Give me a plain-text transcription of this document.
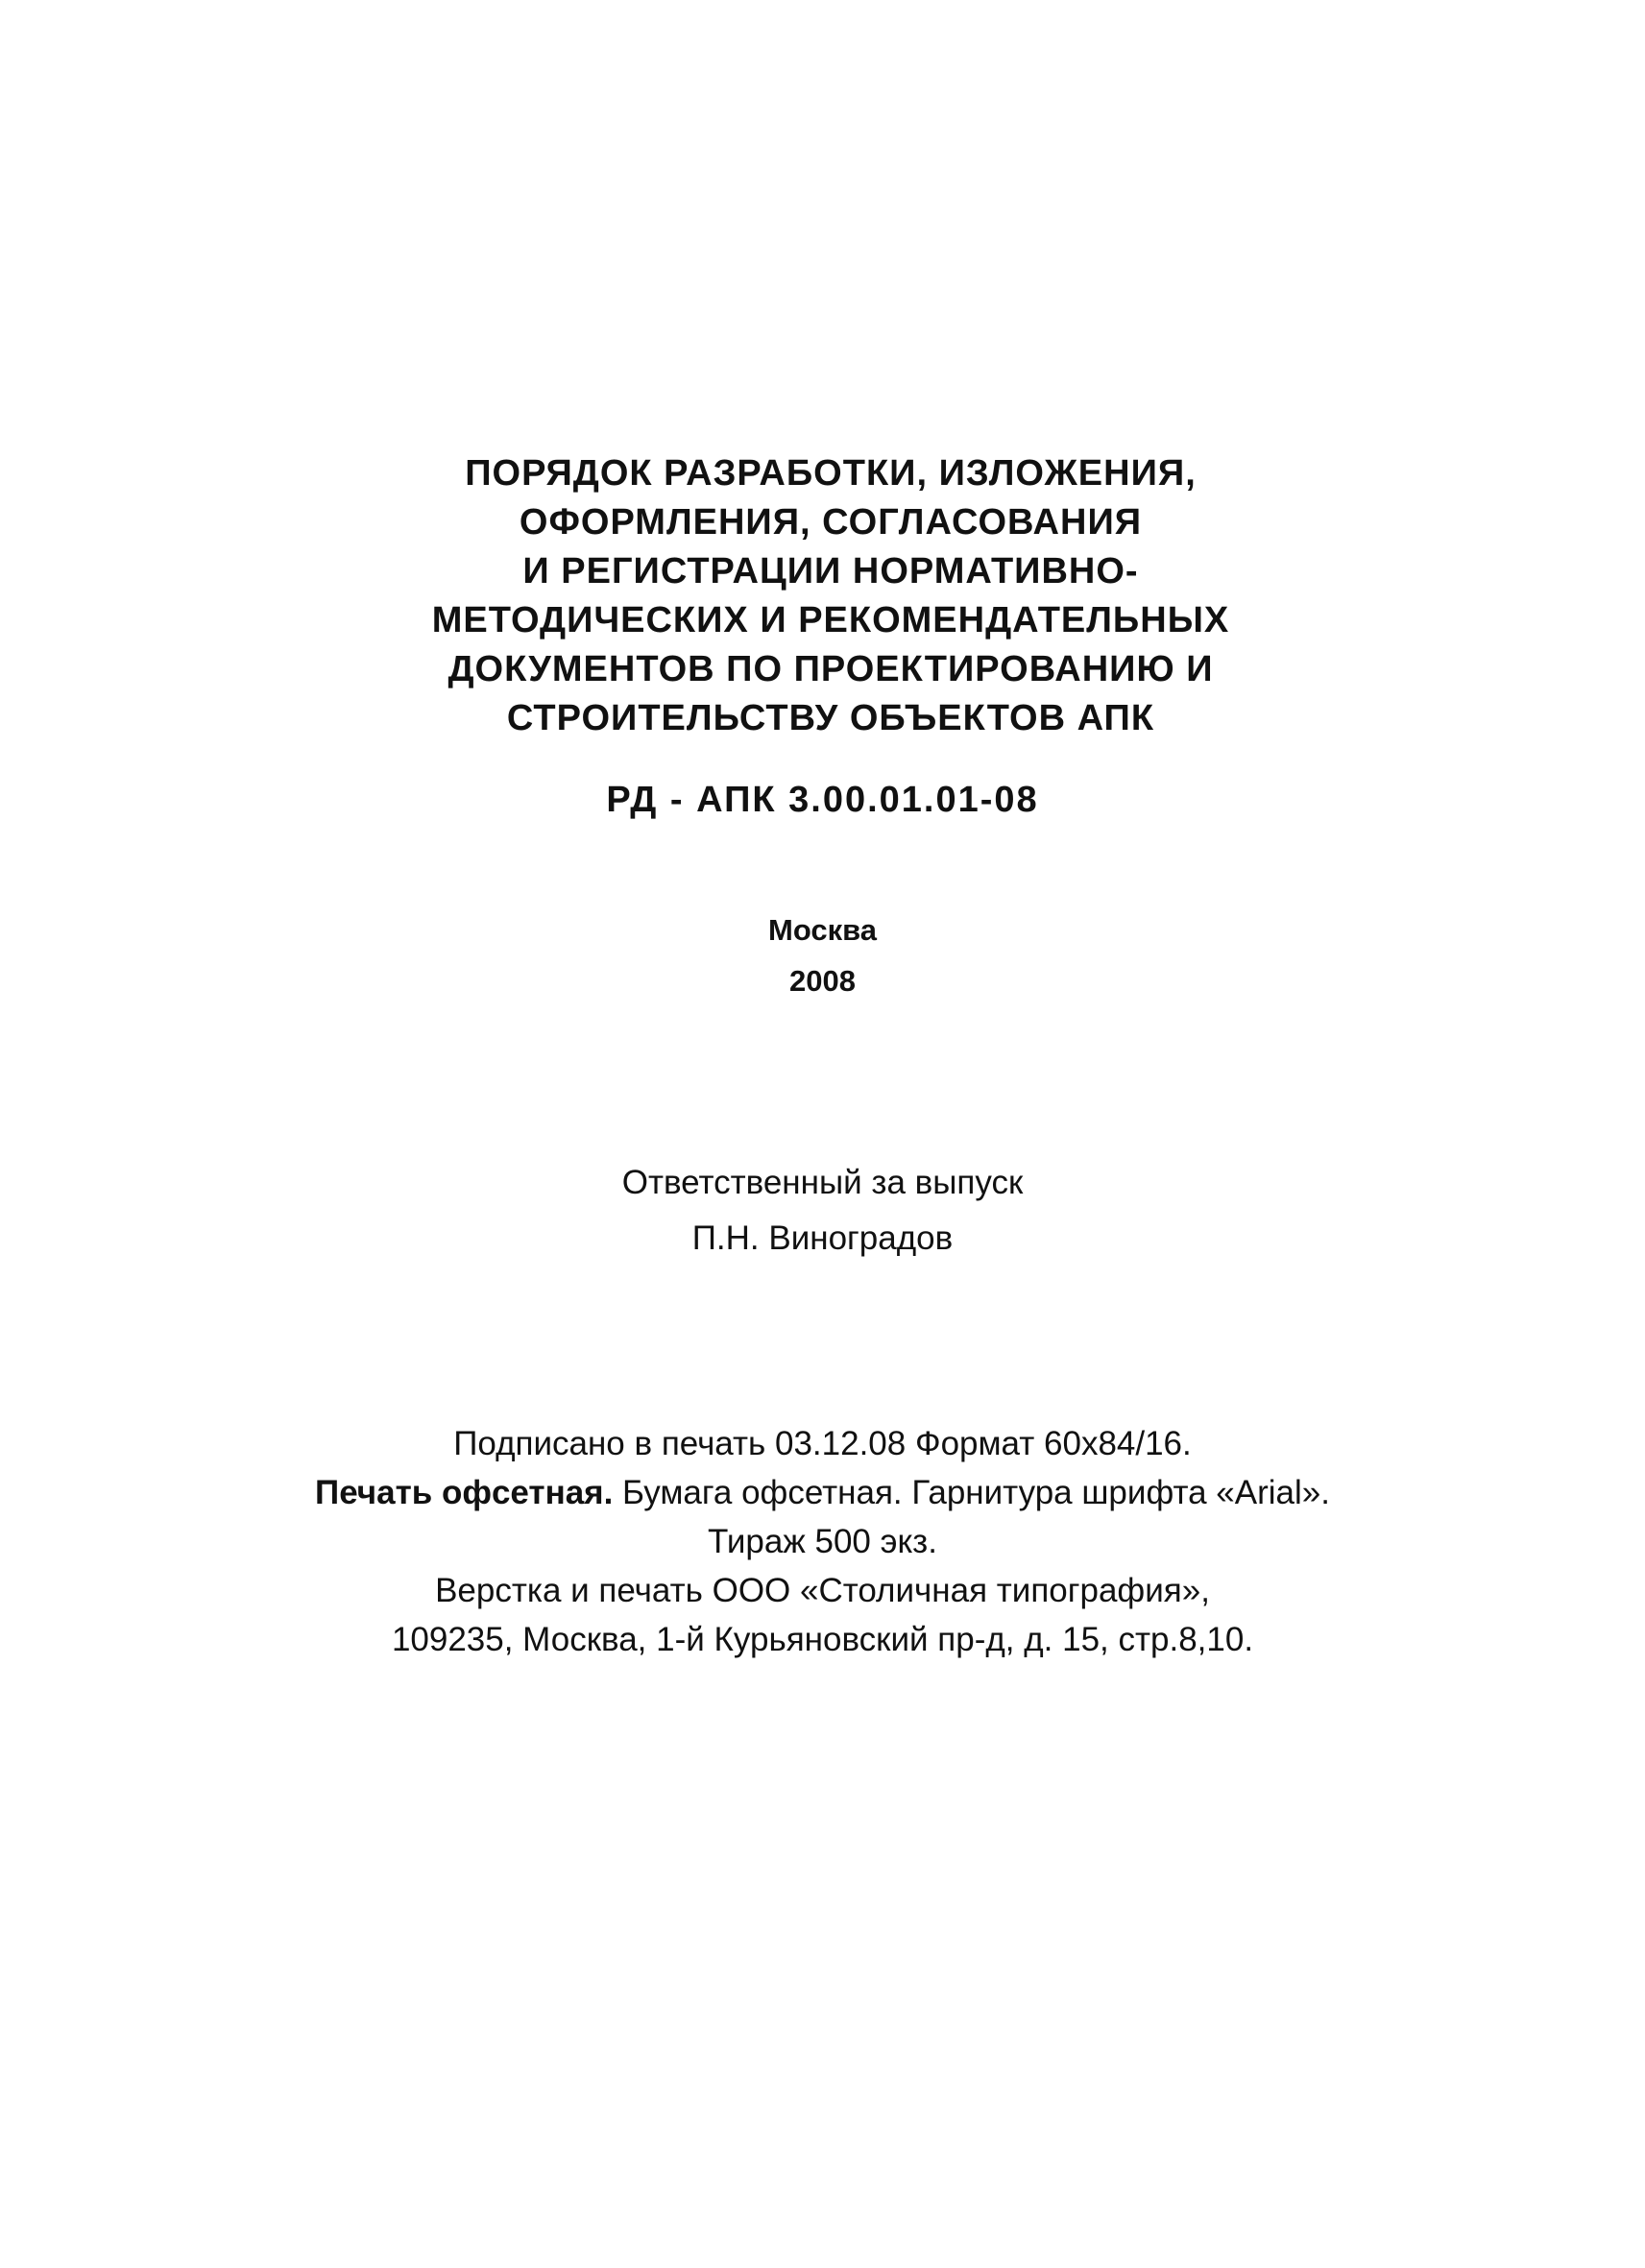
ПОРЯДОК РАЗРАБОТКИ, ИЗЛОЖЕНИЯ,
ОФОРМЛЕНИЯ, СОГЛАСОВАНИЯ
И РЕГИСТРАЦИИ НОРМАТИВНО-
МЕТОДИЧЕСКИХ И РЕКОМЕНДАТЕЛЬНЫХ
ДОКУМЕНТОВ ПО ПРОЕКТИРОВАНИЮ И
СТРОИТЕЛЬСТВУ ОБЪЕКТОВ АПК
РД - АПК 3.00.01.01-08
Москва
2008
Ответственный за выпуск
П.Н. Виноградов
Подписано в печать 03.12.08 Формат 60х84/16.
Печать офсетная. Бумага офсетная. Гарнитура шрифта «Arial».
Тираж 500 экз.
Верстка и печать ООО «Столичная типография»,
109235, Москва, 1-й Курьяновский пр-д, д. 15, стр.8,10.
